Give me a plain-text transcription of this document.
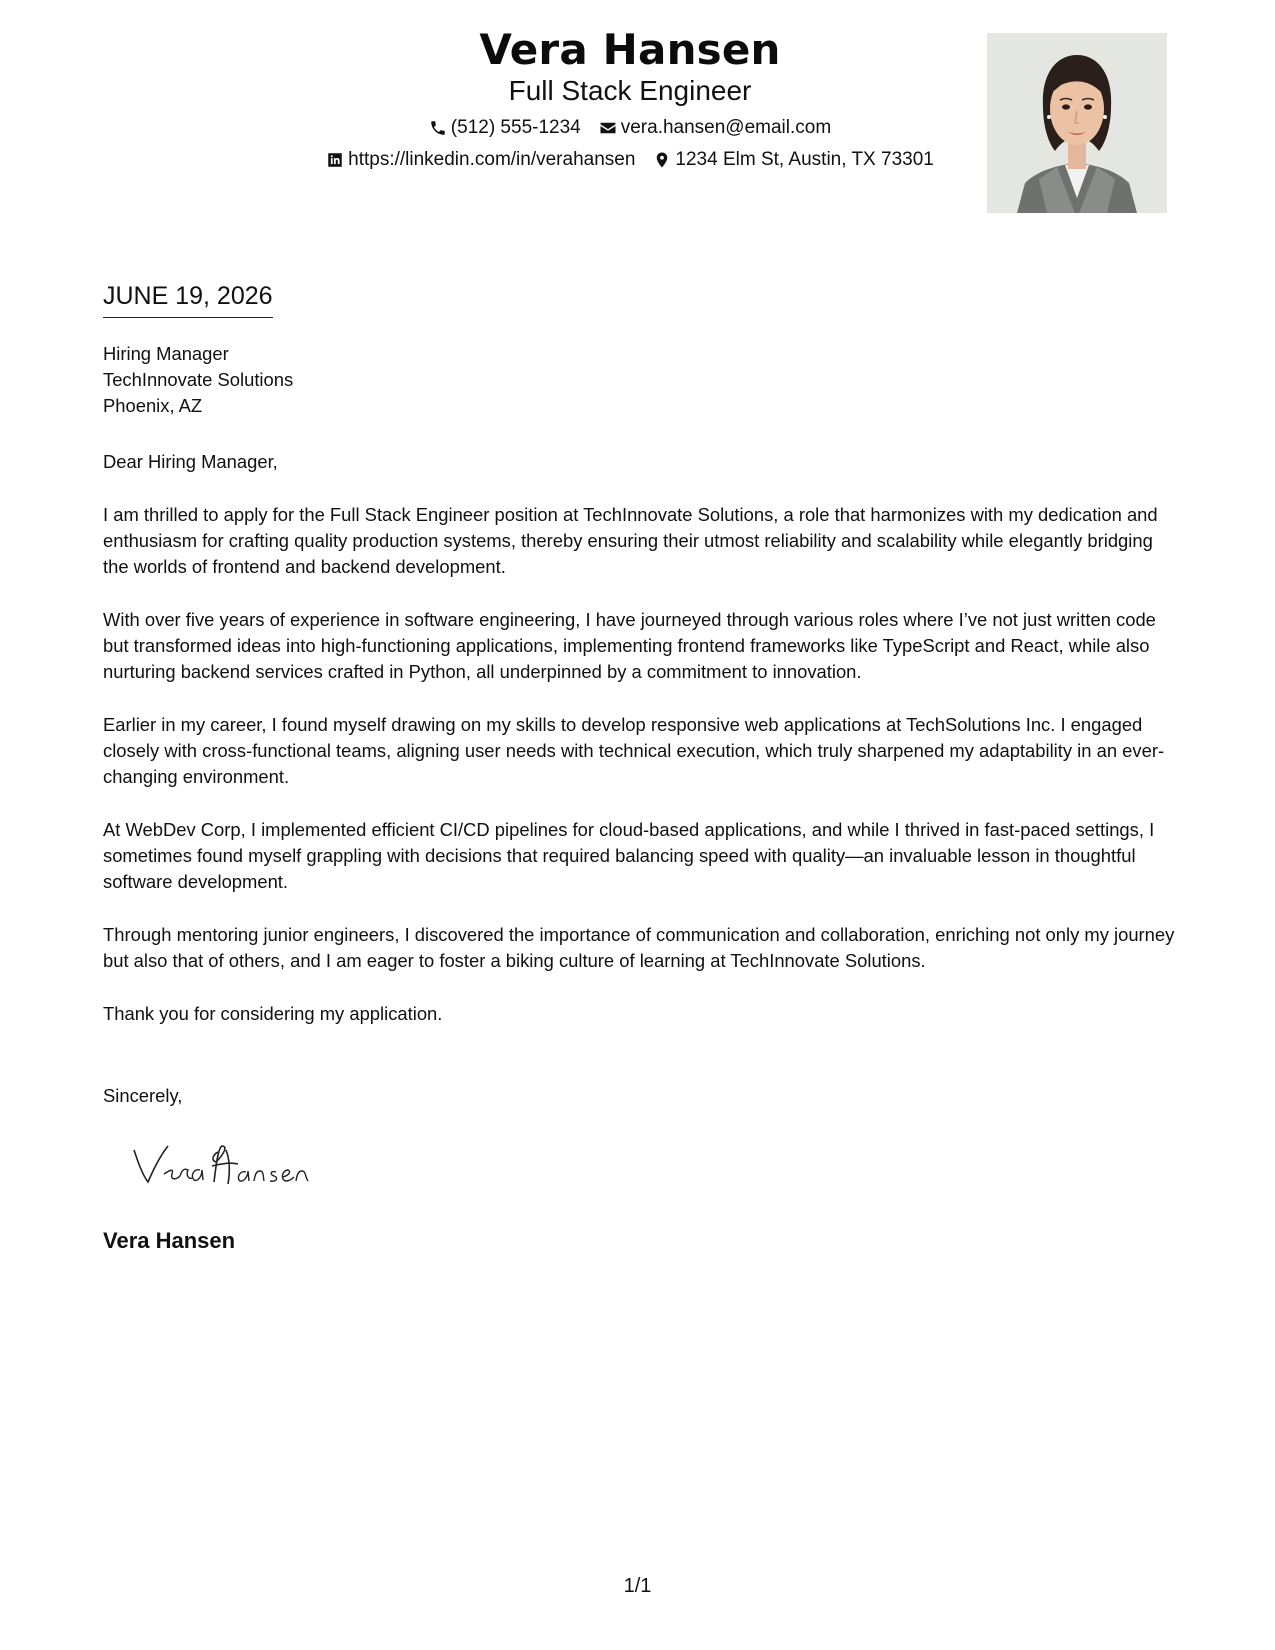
Vera Hansen
Full Stack Engineer
(512) 555-1234 vera.hansen@email.com
https://linkedin.com/in/verahansen 1234 Elm St, Austin, TX 73301
JUNE 19, 2026
Hiring Manager
TechInnovate Solutions
Phoenix, AZ

Dear Hiring Manager,

I am thrilled to apply for the Full Stack Engineer position at TechInnovate Solutions, a role that harmonizes with my dedication and enthusiasm for crafting quality production systems, thereby ensuring their utmost reliability and scalability while elegantly bridging the worlds of frontend and backend development.

With over five years of experience in software engineering, I have journeyed through various roles where I’ve not just written code but transformed ideas into high-functioning applications, implementing frontend frameworks like TypeScript and React, while also nurturing backend services crafted in Python, all underpinned by a commitment to innovation.

Earlier in my career, I found myself drawing on my skills to develop responsive web applications at TechSolutions Inc. I engaged closely with cross-functional teams, aligning user needs with technical execution, which truly sharpened my adaptability in an ever-changing environment.

At WebDev Corp, I implemented efficient CI/CD pipelines for cloud-based applications, and while I thrived in fast-paced settings, I sometimes found myself grappling with decisions that required balancing speed with quality—an invaluable lesson in thoughtful software development.

Through mentoring junior engineers, I discovered the importance of communication and collaboration, enriching not only my journey but also that of others, and I am eager to foster a biking culture of learning at TechInnovate Solutions.

Thank you for considering my application.

Sincerely,
Vera Hansen
1/1
